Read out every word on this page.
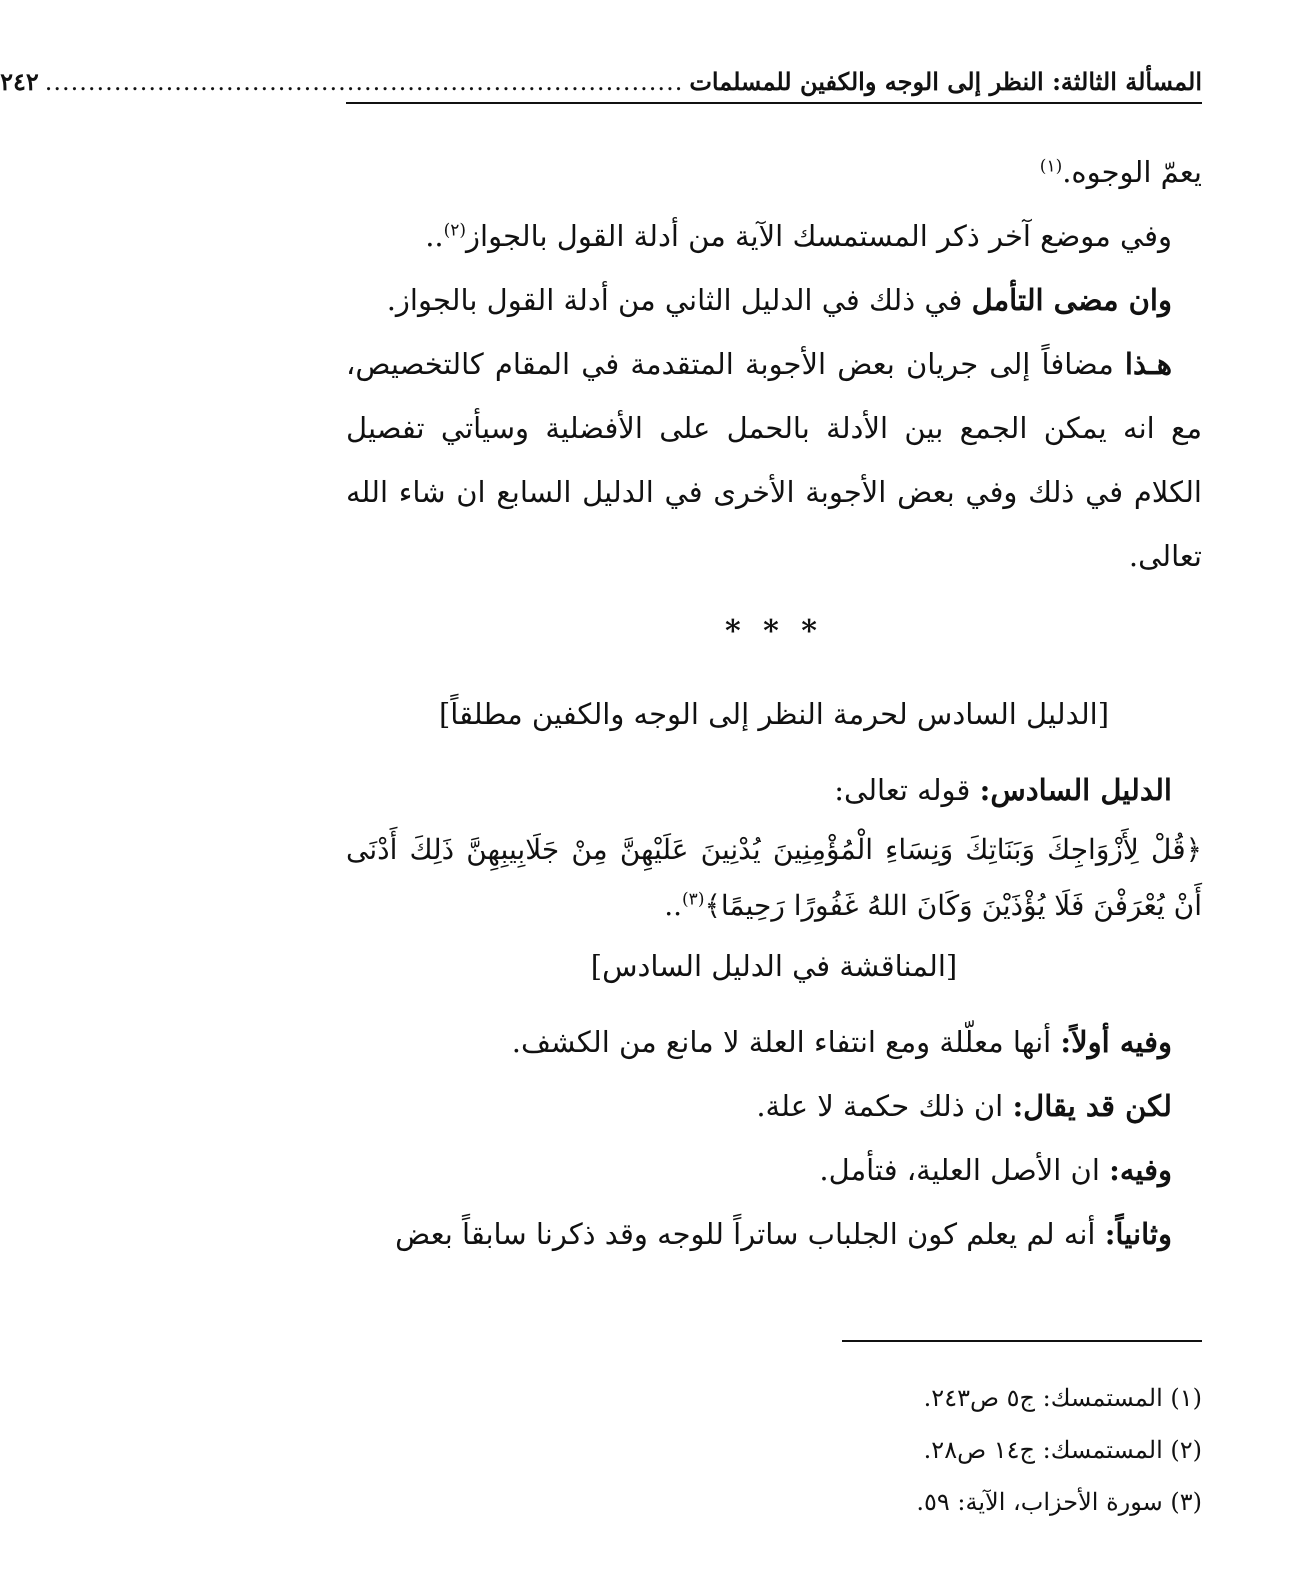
المسألة الثالثة: النظر إلى الوجه والكفين للمسلمات
..........................................................................
٢٤٢

يعمّ الوجوه.$^{(١)}$

وفي موضع آخر ذكر المستمسك الآية من أدلة القول بالجواز$^{(٢)}$..

وان مضى التأمل في ذلك في الدليل الثاني من أدلة القول بالجواز.

هـذا مضافاً إلى جريان بعض الأجوبة المتقدمة في المقام كالتخصيص، مع انه يمكن الجمع بين الأدلة بالحمل على الأفضلية وسيأتي تفصيل الكلام في ذلك وفي بعض الأجوبة الأخرى في الدليل السابع ان شاء الله تعالى.

* * *

[الدليل السادس لحرمة النظر إلى الوجه والكفين مطلقاً]

الدليل السادس: قوله تعالى:

﴿قُلْ لِأَزْوَاجِكَ وَبَنَاتِكَ وَنِسَاءِ الْمُؤْمِنِينَ يُدْنِينَ عَلَيْهِنَّ مِنْ جَلَابِيبِهِنَّ ذَلِكَ أَدْنَى أَنْ يُعْرَفْنَ فَلَا يُؤْذَيْنَ وَكَانَ اللهُ غَفُورًا رَحِيمًا﴾$^{(٣)}$..

[المناقشة في الدليل السادس]

وفيه أولاً: أنها معلّلة ومع انتفاء العلة لا مانع من الكشف.

لكن قد يقال: ان ذلك حكمة لا علة.

وفيه: ان الأصل العلية، فتأمل.

وثانياً: أنه لم يعلم كون الجلباب ساتراً للوجه وقد ذكرنا سابقاً بعض

(١) المستمسك: ج٥ ص٢٤٣.

(٢) المستمسك: ج١٤ ص٢٨.

(٣) سورة الأحزاب، الآية: ٥٩.
